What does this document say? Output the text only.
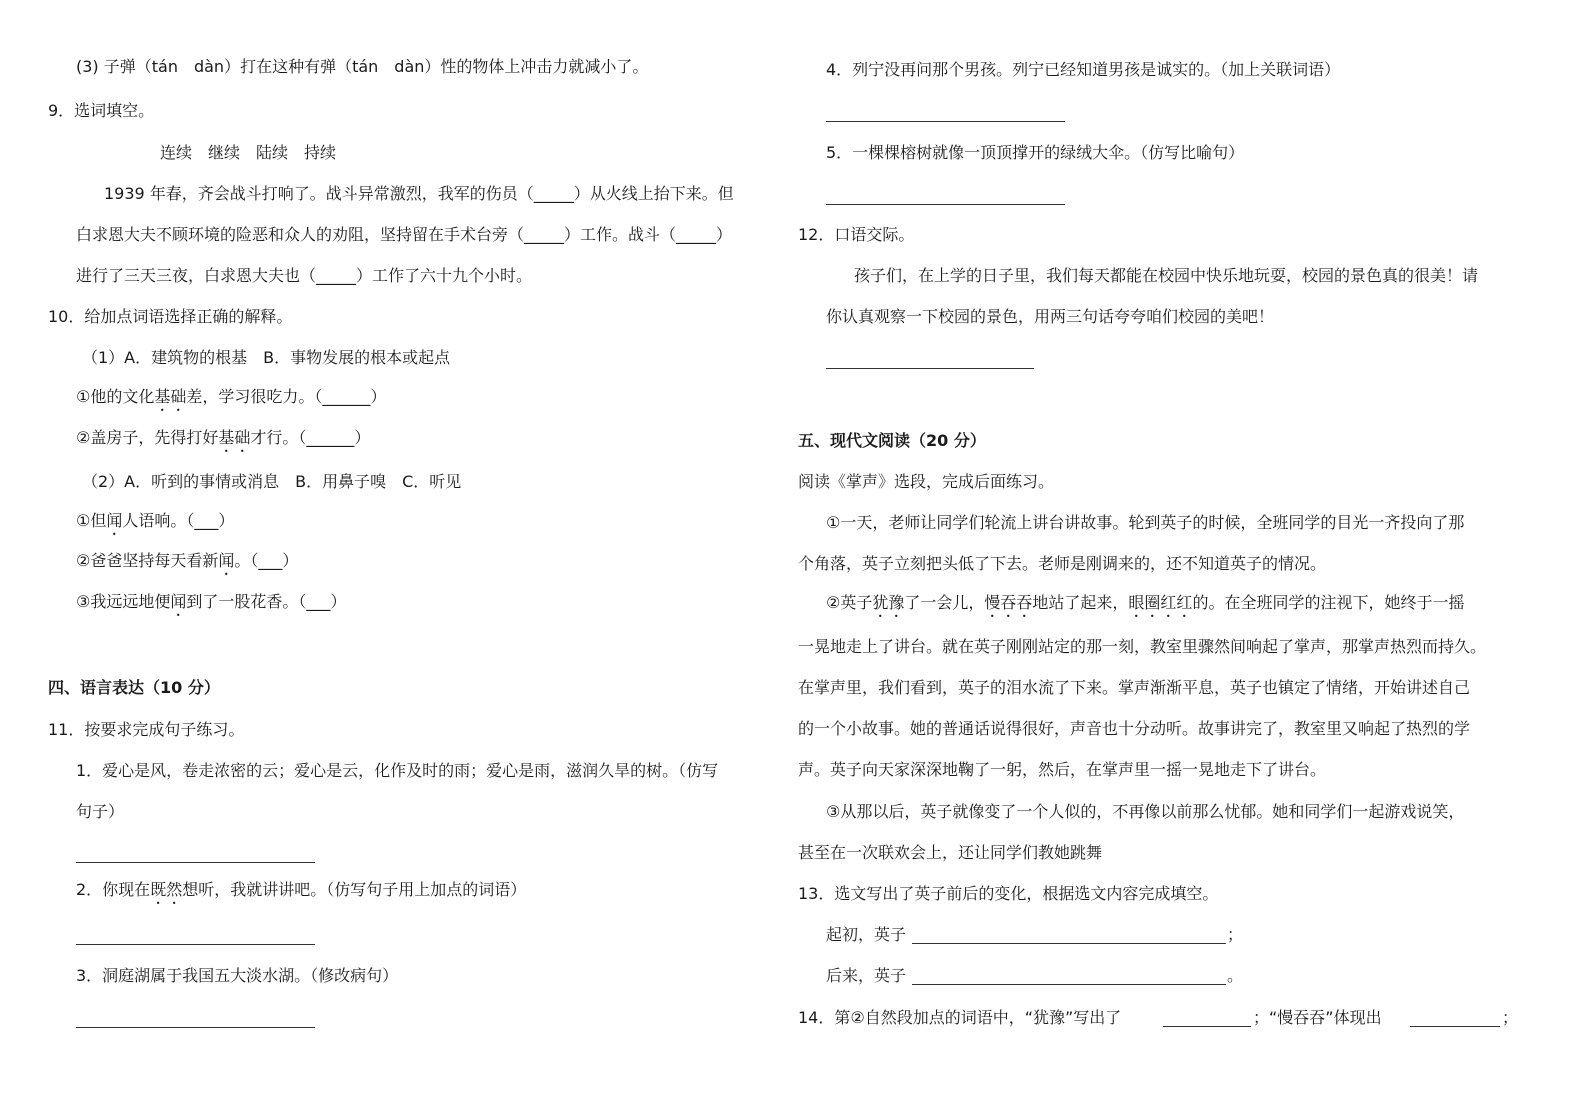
(3) 子弹（tán　dàn）打在这种有弹（tán　dàn）性的物体上冲击力就减小了。
9．选词填空。
连续　继续　陆续　持续
1939 年春，齐会战斗打响了。战斗异常激烈，我军的伤员（_____）从火线上抬下来。但
白求恩大夫不顾环境的险恶和众人的劝阻，坚持留在手术台旁（_____）工作。战斗（_____）
进行了三天三夜，白求恩大夫也（_____）工作了六十九个小时。
10．给加点词语选择正确的解释。
（1）A．建筑物的根基　B．事物发展的根本或起点
①他的文化基础差，学习很吃力。（______）
②盖房子，先得打好基础才行。（______）
（2）A．听到的事情或消息　B．用鼻子嗅　C．听见
①但闻人语响。（___）
②爸爸坚持每天看新闻。（___）
③我远远地便闻到了一股花香。（___）
四、语言表达（10 分）
11．按要求完成句子练习。
1．爱心是风，卷走浓密的云；爱心是云，化作及时的雨；爱心是雨，滋润久旱的树。（仿写
句子）
2．你现在既然想听，我就讲讲吧。（仿写句子用上加点的词语）
3．洞庭湖属于我国五大淡水湖。（修改病句）
4．列宁没再问那个男孩。列宁已经知道男孩是诚实的。（加上关联词语）
5．一棵棵榕树就像一顶顶撑开的绿绒大伞。（仿写比喻句）
12．口语交际。
孩子们，在上学的日子里，我们每天都能在校园中快乐地玩耍，校园的景色真的很美！请
你认真观察一下校园的景色，用两三句话夸夸咱们校园的美吧！
五、现代文阅读（20 分）
阅读《掌声》选段，完成后面练习。
①一天，老师让同学们轮流上讲台讲故事。轮到英子的时候，全班同学的目光一齐投向了那
个角落，英子立刻把头低了下去。老师是刚调来的，还不知道英子的情况。
②英子犹豫了一会儿，慢吞吞地站了起来，眼圈红红的。在全班同学的注视下，她终于一摇
一晃地走上了讲台。就在英子刚刚站定的那一刻，教室里骤然间响起了掌声，那掌声热烈而持久。
在掌声里，我们看到，英子的泪水流了下来。掌声渐渐平息，英子也镇定了情绪，开始讲述自己
的一个小故事。她的普通话说得很好，声音也十分动听。故事讲完了，教室里又响起了热烈的学
声。英子向天家深深地鞠了一躬，然后，在掌声里一摇一晃地走下了讲台。
③从那以后，英子就像变了一个人似的，不再像以前那么忧郁。她和同学们一起游戏说笑，
甚至在一次联欢会上，还让同学们教她跳舞
13．选文写出了英子前后的变化，根据选文内容完成填空。
起初，英子	；
后来，英子	。
14．第②自然段加点的词语中，“犹豫”写出了	；“慢吞吞”体现出	；
